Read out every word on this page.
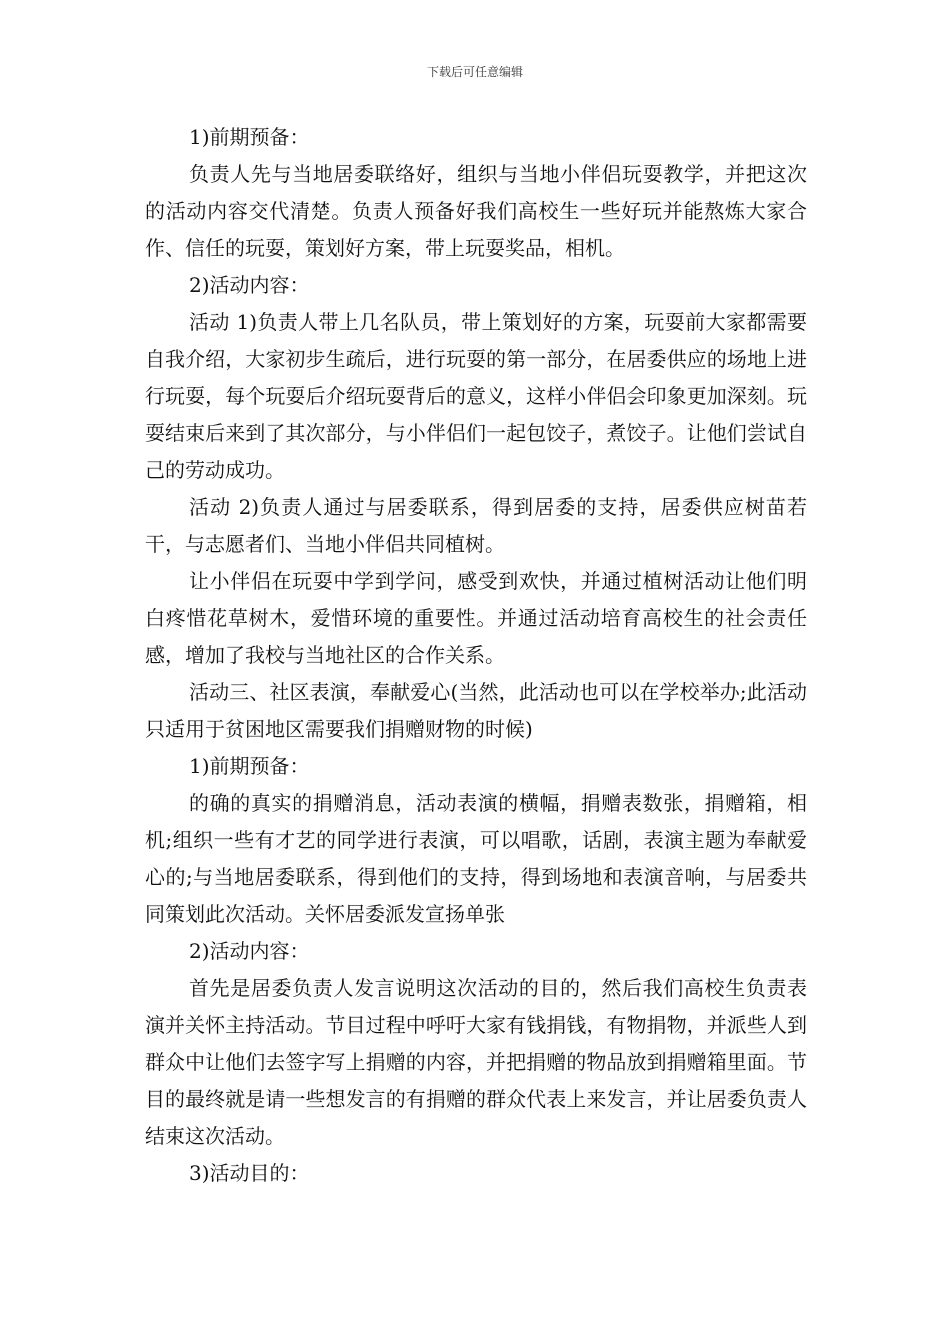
下载后可任意编辑

1)前期预备：

负责人先与当地居委联络好，组织与当地小伴侣玩耍教学，并把这次的活动内容交代清楚。负责人预备好我们高校生一些好玩并能熬炼大家合作、信任的玩耍，策划好方案，带上玩耍奖品，相机。

2)活动内容：

活动 1)负责人带上几名队员，带上策划好的方案，玩耍前大家都需要自我介绍，大家初步生疏后，进行玩耍的第一部分，在居委供应的场地上进行玩耍，每个玩耍后介绍玩耍背后的意义，这样小伴侣会印象更加深刻。玩耍结束后来到了其次部分，与小伴侣们一起包饺子，煮饺子。让他们尝试自己的劳动成功。

活动 2)负责人通过与居委联系，得到居委的支持，居委供应树苗若干，与志愿者们、当地小伴侣共同植树。

让小伴侣在玩耍中学到学问，感受到欢快，并通过植树活动让他们明白疼惜花草树木，爱惜环境的重要性。并通过活动培育高校生的社会责任感，增加了我校与当地社区的合作关系。

活动三、社区表演，奉献爱心(当然，此活动也可以在学校举办;此活动只适用于贫困地区需要我们捐赠财物的时候)

1)前期预备：

的确的真实的捐赠消息，活动表演的横幅，捐赠表数张，捐赠箱，相机;组织一些有才艺的同学进行表演，可以唱歌，话剧，表演主题为奉献爱心的;与当地居委联系，得到他们的支持，得到场地和表演音响，与居委共同策划此次活动。关怀居委派发宣扬单张

2)活动内容：

首先是居委负责人发言说明这次活动的目的，然后我们高校生负责表演并关怀主持活动。节目过程中呼吁大家有钱捐钱，有物捐物，并派些人到群众中让他们去签字写上捐赠的内容，并把捐赠的物品放到捐赠箱里面。节目的最终就是请一些想发言的有捐赠的群众代表上来发言，并让居委负责人结束这次活动。

3)活动目的：
